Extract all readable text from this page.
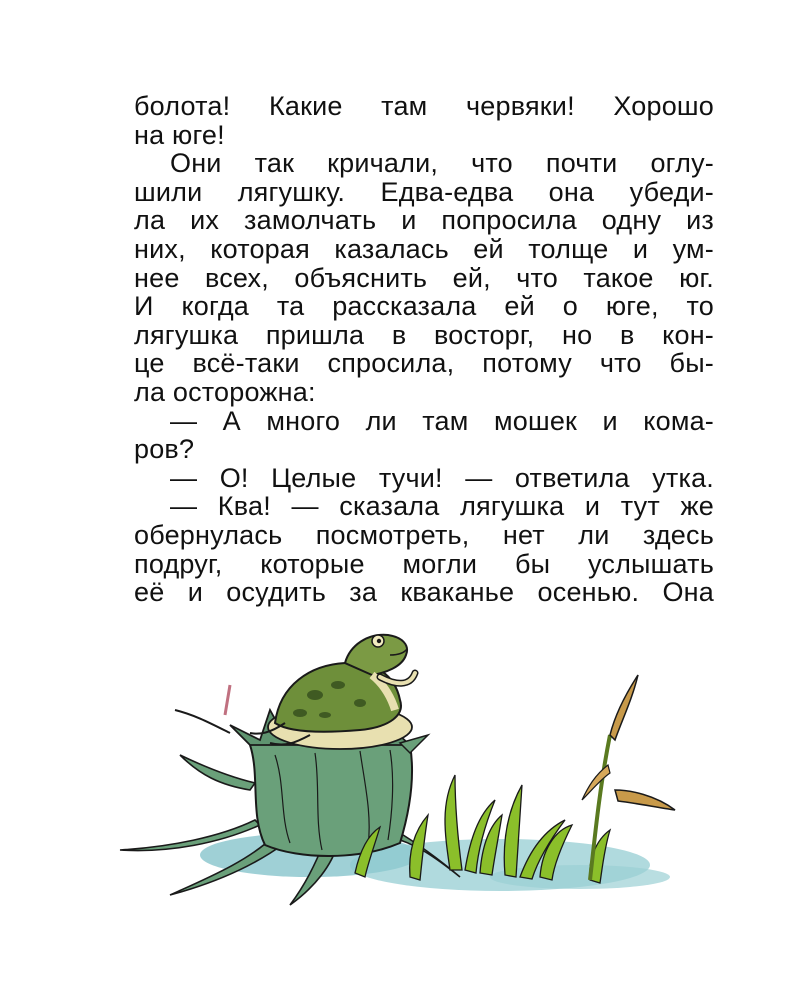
болота! Какие там червяки! Хорошо
на юге!
Они так кричали, что почти оглу-
шили лягушку. Едва-едва она убеди-
ла их замолчать и попросила одну из
них, которая казалась ей толще и ум-
нее всех, объяснить ей, что такое юг.
И когда та рассказала ей о юге, то
лягушка пришла в восторг, но в кон-
це всё-таки спросила, потому что бы-
ла осторожна:
— А много ли там мошек и кома-
ров?
— О! Целые тучи! — ответила утка.
— Ква! — сказала лягушка и тут же
обернулась посмотреть, нет ли здесь
подруг, которые могли бы услышать
её и осудить за кваканье осенью. Она
